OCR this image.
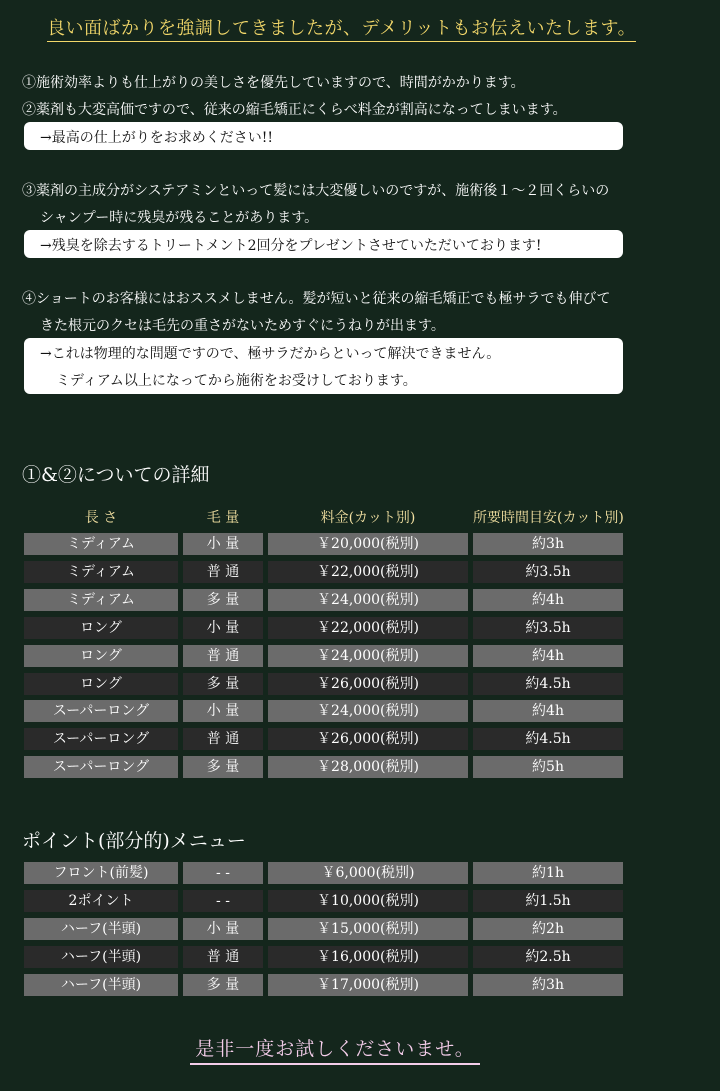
良い面ばかりを強調してきましたが、デメリットもお伝えいたします。
①施術効率よりも仕上がりの美しさを優先していますので、時間がかかります。
②薬剤も大変高価ですので、従来の縮毛矯正にくらべ料金が割高になってしまいます。
→最高の仕上がりをお求めください!!
③薬剤の主成分がシステアミンといって髪には大変優しいのですが、施術後１～２回くらいの
シャンプー時に残臭が残ることがあります。
→残臭を除去するトリートメント2回分をプレゼントさせていただいております!
④ショートのお客様にはおススメしません。髪が短いと従来の縮毛矯正でも極サラでも伸びて
きた根元のクセは毛先の重さがないためすぐにうねりが出ます。
→これは物理的な問題ですので、極サラだからといって解決できません。
ミディアム以上になってから施術をお受けしております。
①&②についての詳細
長 さ	毛 量	料金(カット別)	所要時間目安(カット別)
ミディアム	小 量	￥20,000(税別)	約3h
ミディアム	普 通	￥22,000(税別)	約3.5h
ミディアム	多 量	￥24,000(税別)	約4h
ロング	小 量	￥22,000(税別)	約3.5h
ロング	普 通	￥24,000(税別)	約4h
ロング	多 量	￥26,000(税別)	約4.5h
スーパーロング	小 量	￥24,000(税別)	約4h
スーパーロング	普 通	￥26,000(税別)	約4.5h
スーパーロング	多 量	￥28,000(税別)	約5h
ポイント(部分的)メニュー
フロント(前髪)	- -	￥6,000(税別)	約1h
2ポイント	- -	￥10,000(税別)	約1.5h
ハーフ(半頭)	小 量	￥15,000(税別)	約2h
ハーフ(半頭)	普 通	￥16,000(税別)	約2.5h
ハーフ(半頭)	多 量	￥17,000(税別)	約3h
是非一度お試しくださいませ。
